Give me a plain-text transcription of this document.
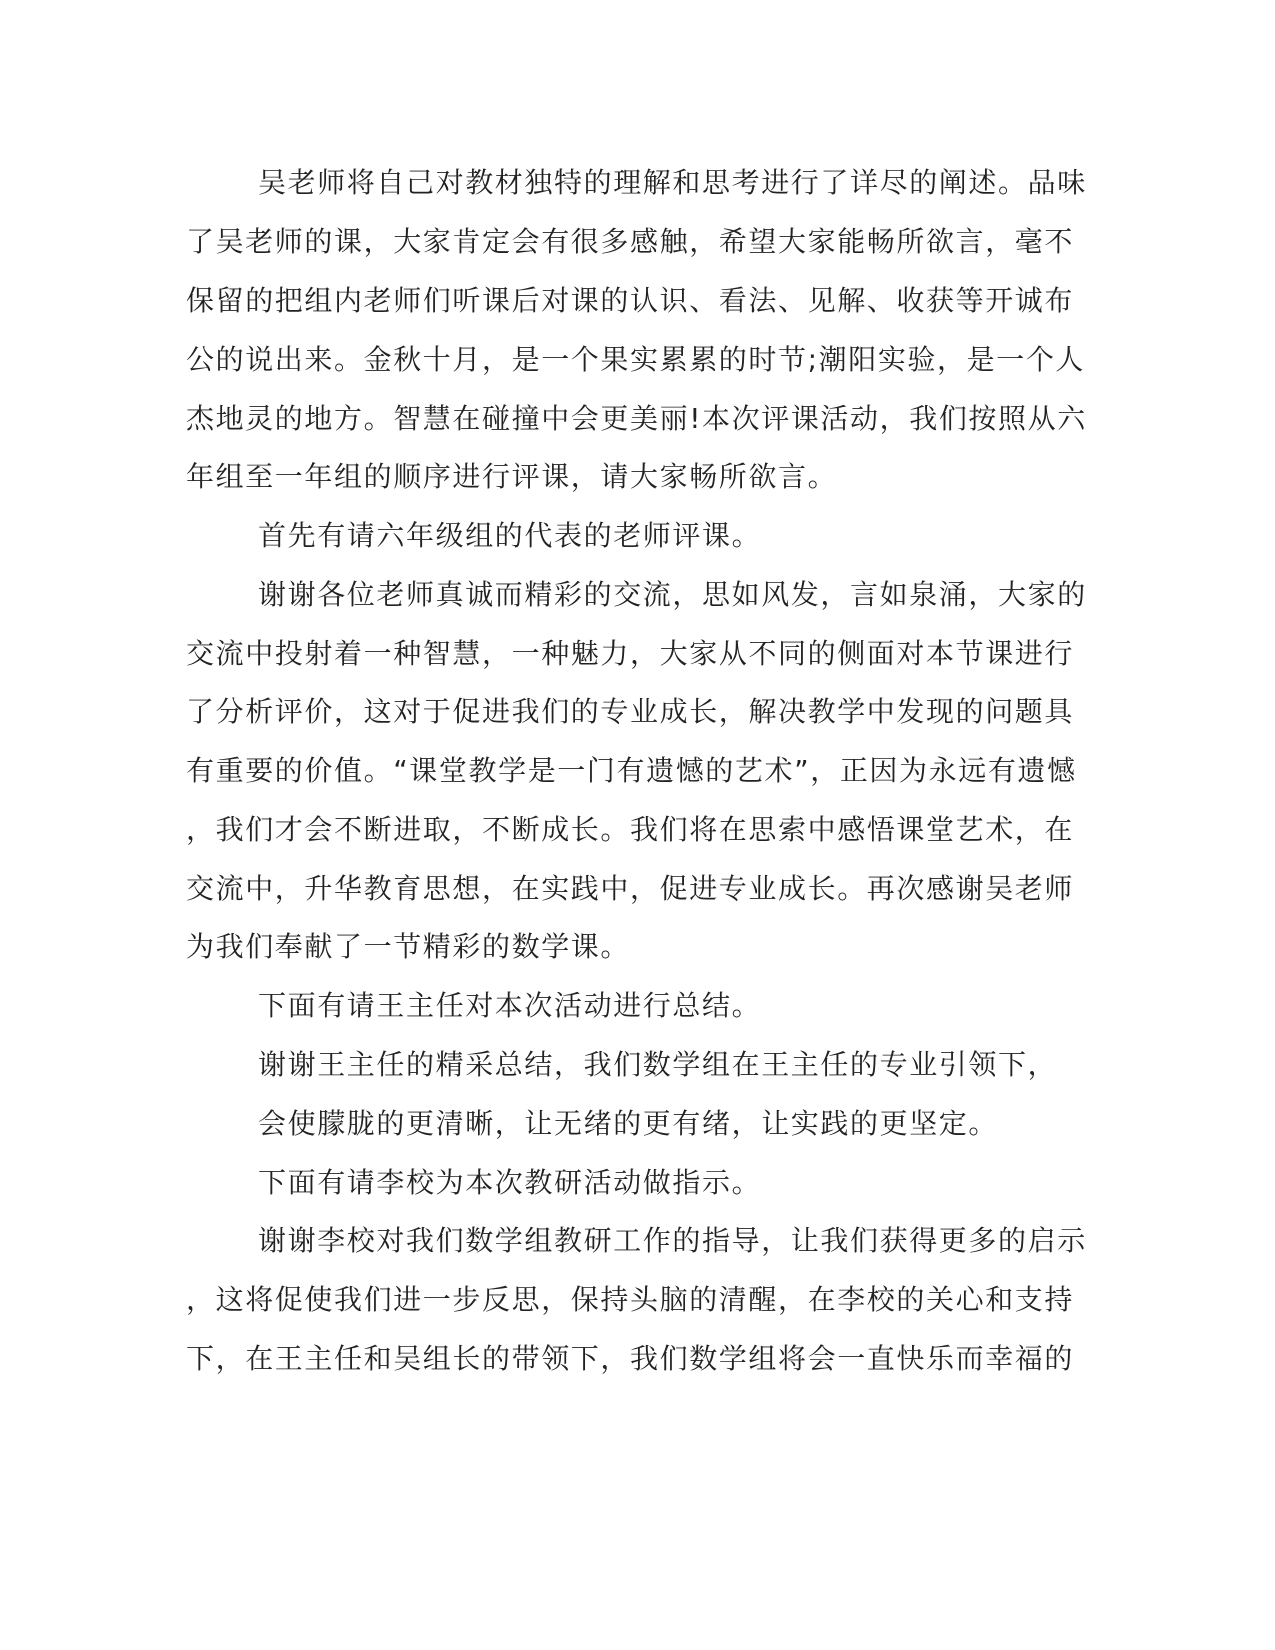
吴老师将自己对教材独特的理解和思考进行了详尽的阐述。品味

了吴老师的课，大家肯定会有很多感触，希望大家能畅所欲言，毫不

保留的把组内老师们听课后对课的认识、看法、见解、收获等开诚布

公的说出来。金秋十月，是一个果实累累的时节;潮阳实验，是一个人

杰地灵的地方。智慧在碰撞中会更美丽!本次评课活动，我们按照从六

年组至一年组的顺序进行评课，请大家畅所欲言。

首先有请六年级组的代表的老师评课。

谢谢各位老师真诚而精彩的交流，思如风发，言如泉涌，大家的

交流中投射着一种智慧，一种魅力，大家从不同的侧面对本节课进行

了分析评价，这对于促进我们的专业成长，解决教学中发现的问题具

有重要的价值。“课堂教学是一门有遗憾的艺术”，正因为永远有遗憾

，我们才会不断进取，不断成长。我们将在思索中感悟课堂艺术，在

交流中，升华教育思想，在实践中，促进专业成长。再次感谢吴老师

为我们奉献了一节精彩的数学课。

下面有请王主任对本次活动进行总结。

谢谢王主任的精采总结，我们数学组在王主任的专业引领下，

会使朦胧的更清晰，让无绪的更有绪，让实践的更坚定。

下面有请李校为本次教研活动做指示。

谢谢李校对我们数学组教研工作的指导，让我们获得更多的启示

，这将促使我们进一步反思，保持头脑的清醒，在李校的关心和支持

下，在王主任和吴组长的带领下，我们数学组将会一直快乐而幸福的
